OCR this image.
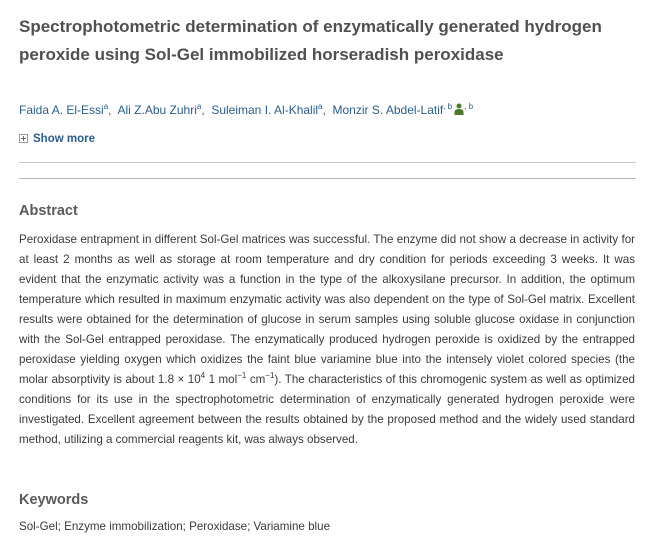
Spectrophotometric determination of enzymatically generated hydrogen peroxide using Sol-Gel immobilized horseradish peroxidase
Faida A. El-Essi$^a$,  Ali Z.Abu Zuhri$^a$,  Suleiman I. Al-Khalil$^a$,  Monzir S. Abdel-Latif$^{, b}$ $^{, b}$
Show more
Abstract

Peroxidase entrapment in different Sol-Gel matrices was successful. The enzyme did not show a decrease in activity for at least 2 months as well as storage at room temperature and dry condition for periods exceeding 3 weeks. It was evident that the enzymatic activity was a function in the type of the alkoxysilane precursor. In addition, the optimum temperature which resulted in maximum enzymatic activity was also dependent on the type of Sol-Gel matrix. Excellent results were obtained for the determination of glucose in serum samples using soluble glucose oxidase in conjunction with the Sol-Gel entrapped peroxidase. The enzymatically produced hydrogen peroxide is oxidized by the entrapped peroxidase yielding oxygen which oxidizes the faint blue variamine blue into the intensely violet colored species (the molar absorptivity is about $1.8 \times 10^4$ 1 mol$^{-1}$ $cm^{-1}$). The characteristics of this chromogenic system as well as optimized conditions for its use in the spectrophotometric determination of enzymatically generated hydrogen peroxide were investigated. Excellent agreement between the results obtained by the proposed method and the widely used standard method, utilizing a commercial reagents kit, was always observed.

Keywords
Sol-Gel; Enzyme immobilization; Peroxidase; Variamine blue
